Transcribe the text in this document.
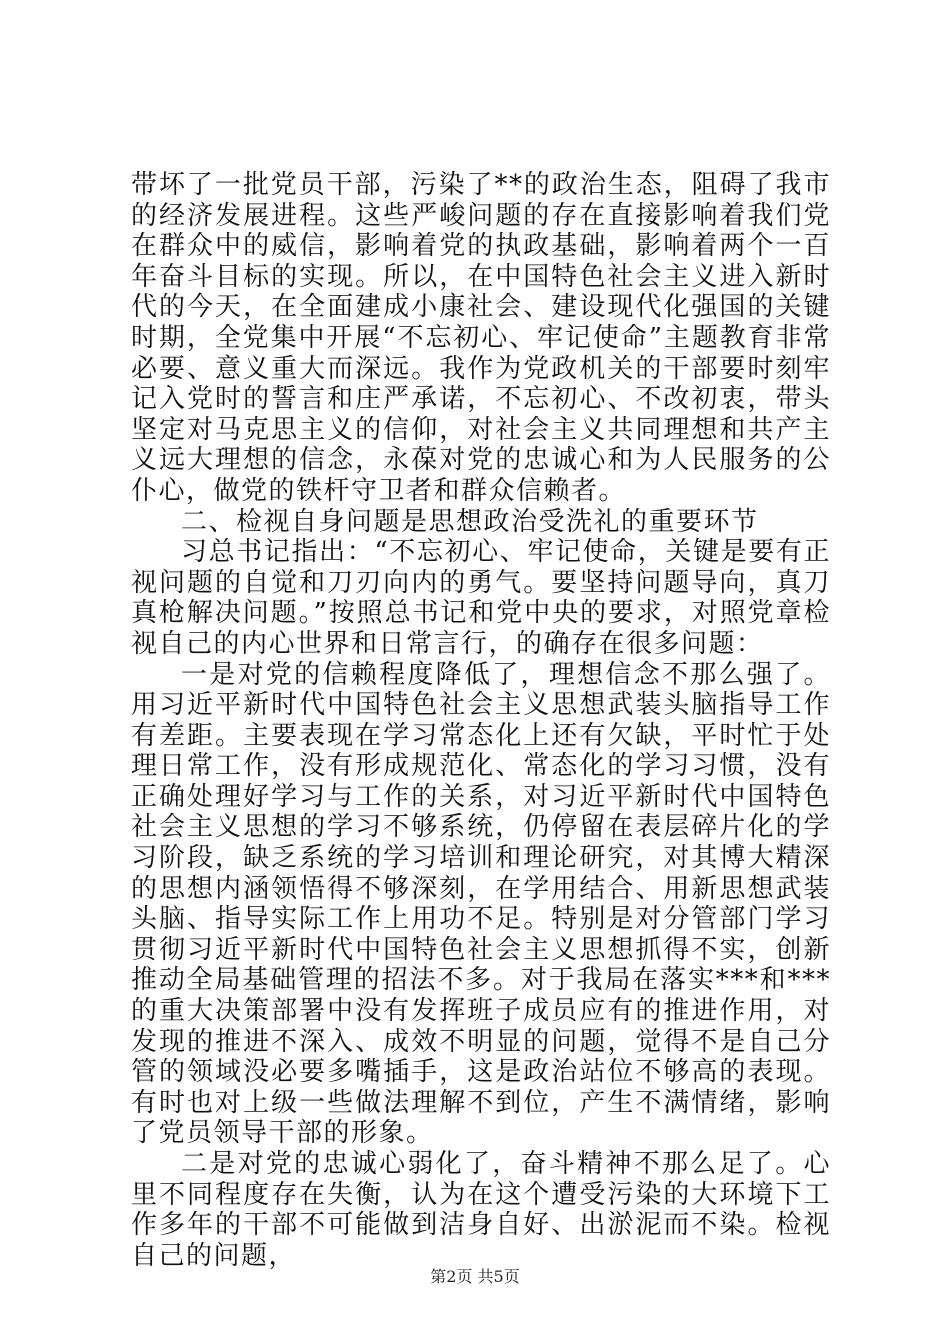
带坏了一批党员干部，污染了**的政治生态，阻碍了我市的经济发展进程。这些严峻问题的存在直接影响着我们党在群众中的威信，影响着党的执政基础，影响着两个一百年奋斗目标的实现。所以，在中国特色社会主义进入新时代的今天，在全面建成小康社会、建设现代化强国的关键时期，全党集中开展“不忘初心、牢记使命”主题教育非常必要、意义重大而深远。我作为党政机关的干部要时刻牢记入党时的誓言和庄严承诺，不忘初心、不改初衷，带头坚定对马克思主义的信仰，对社会主义共同理想和共产主义远大理想的信念，永葆对党的忠诚心和为人民服务的公仆心，做党的铁杆守卫者和群众信赖者。

二、检视自身问题是思想政治受洗礼的重要环节

习总书记指出：“不忘初心、牢记使命，关键是要有正视问题的自觉和刀刃向内的勇气。要坚持问题导向，真刀真枪解决问题。”按照总书记和党中央的要求，对照党章检视自己的内心世界和日常言行，的确存在很多问题：

一是对党的信赖程度降低了，理想信念不那么强了。用习近平新时代中国特色社会主义思想武装头脑指导工作有差距。主要表现在学习常态化上还有欠缺，平时忙于处理日常工作，没有形成规范化、常态化的学习习惯，没有正确处理好学习与工作的关系，对习近平新时代中国特色社会主义思想的学习不够系统，仍停留在表层碎片化的学习阶段，缺乏系统的学习培训和理论研究，对其博大精深的思想内涵领悟得不够深刻，在学用结合、用新思想武装头脑、指导实际工作上用功不足。特别是对分管部门学习贯彻习近平新时代中国特色社会主义思想抓得不实，创新推动全局基础管理的招法不多。对于我局在落实***和***的重大决策部署中没有发挥班子成员应有的推进作用，对发现的推进不深入、成效不明显的问题，觉得不是自己分管的领域没必要多嘴插手，这是政治站位不够高的表现。有时也对上级一些做法理解不到位，产生不满情绪，影响了党员领导干部的形象。

二是对党的忠诚心弱化了，奋斗精神不那么足了。心里不同程度存在失衡，认为在这个遭受污染的大环境下工作多年的干部不可能做到洁身自好、出淤泥而不染。检视自己的问题，

第2页 共5页
